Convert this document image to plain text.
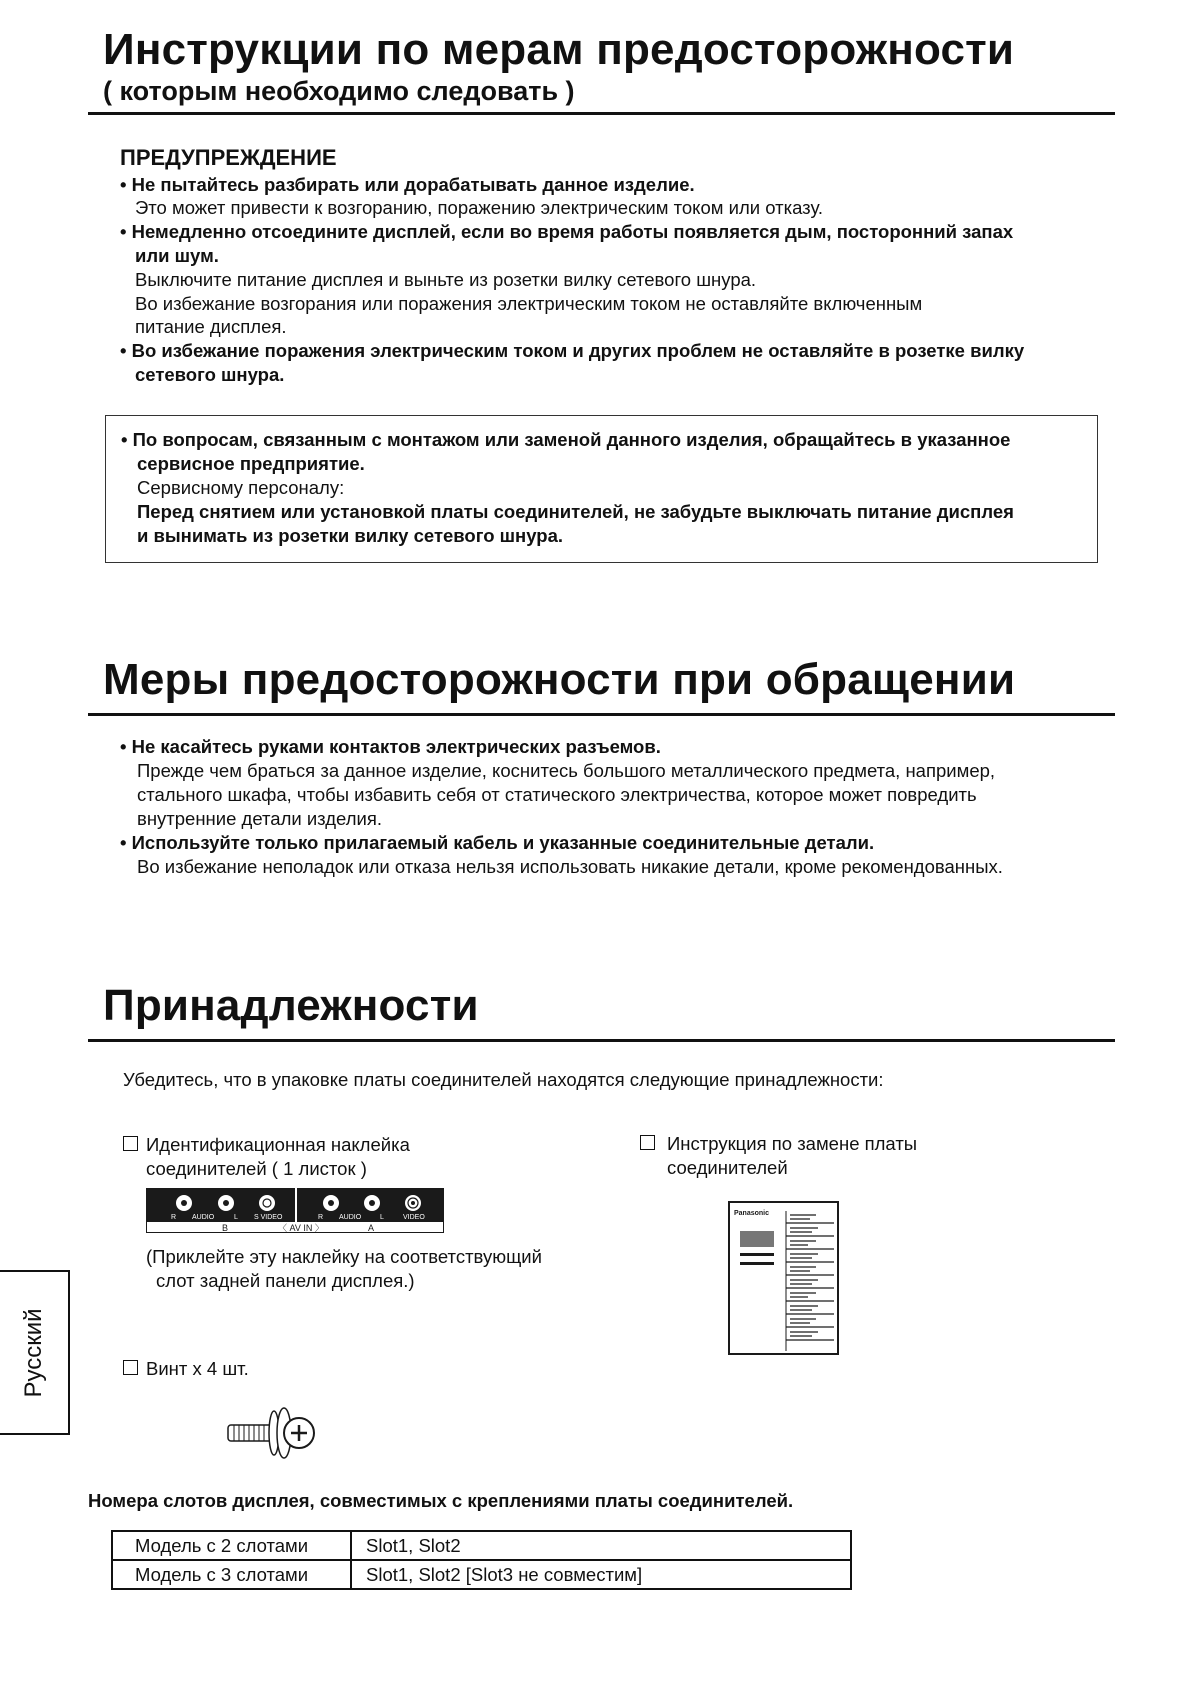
Инструкции по мерам предосторожности
( которым необходимо следовать )
ПРЕДУПРЕЖДЕНИЕ
• Не пытайтесь разбирать или дорабатывать данное изделие.
Это может привести к возгоранию, поражению электрическим током или отказу.
• Немедленно отсоедините дисплей, если во время работы появляется дым, посторонний запах
или шум.
Выключите питание дисплея и выньте из розетки вилку сетевого шнура.
Во избежание возгорания или поражения электрическим током не оставляйте включенным
питание дисплея.
• Во избежание поражения электрическим током и других проблем не оставляйте в розетке вилку
сетевого шнура.
• По вопросам, связанным с монтажом или заменой данного изделия, обращайтесь в указанное
сервисное предприятие.
Сервисному персоналу:
Перед снятием или установкой платы соединителей, не забудьте выключать питание дисплея
и вынимать из розетки вилку сетевого шнура.
Меры предосторожности при обращении
• Не касайтесь руками контактов электрических разъемов.
Прежде чем браться за данное изделие, коснитесь большого металлического предмета, например,
стального шкафа, чтобы избавить себя от статического электричества, которое может повредить
внутренние детали изделия.
• Используйте только прилагаемый кабель и указанные соединительные детали.
Во избежание неполадок или отказа нельзя использовать никакие детали, кроме рекомендованных.
Принадлежности
Убедитесь, что в упаковке платы соединителей находятся следующие принадлежности:
Идентификационная наклейка
соединителей ( 1 листок )
R AUDIO	L S VIDEO	R AUDIO	L	VIDEO
B	〈 AV IN 〉	A
(Приклейте эту наклейку на соответствующий
слот задней панели дисплея.)
Инструкция по замене платы
соединителей
Panasonic
Винт x 4 шт.
Номера слотов дисплея, совместимых с креплениями платы соединителей.
Модель с 2 слотами	Slot1, Slot2
Модель с 3 слотами	Slot1, Slot2 [Slot3 не совместим]
Русский
